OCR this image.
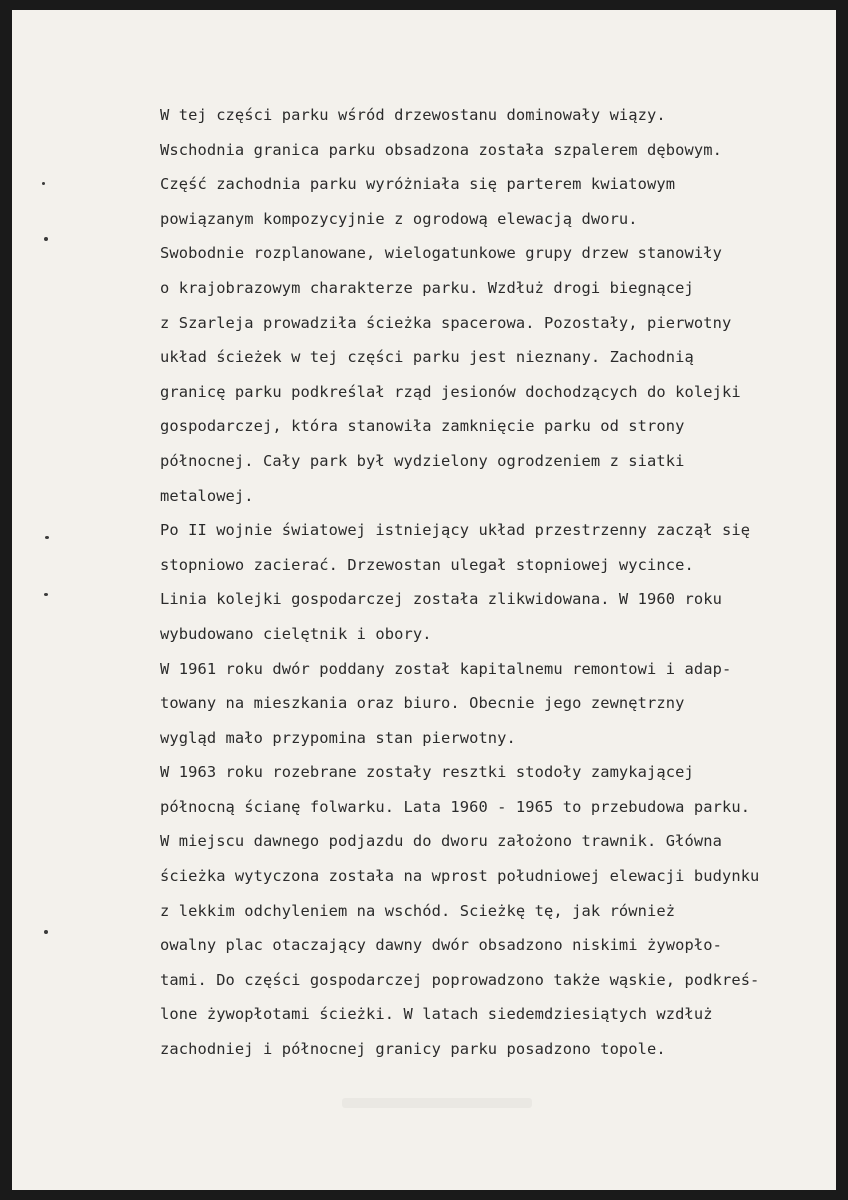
W tej części parku wśród drzewostanu dominowały wiązy.
Wschodnia granica parku obsadzona została szpalerem dębowym.
Część zachodnia parku wyróżniała się parterem kwiatowym
powiązanym kompozycyjnie z ogrodową elewacją dworu.
Swobodnie rozplanowane, wielogatunkowe grupy drzew stanowiły
o krajobrazowym charakterze parku. Wzdłuż drogi biegnącej
z Szarleja prowadziła ścieżka spacerowa. Pozostały, pierwotny
układ ścieżek w tej części parku jest nieznany. Zachodnią
granicę parku podkreślał rząd jesionów dochodzących do kolejki
gospodarczej, która stanowiła zamknięcie parku od strony
północnej. Cały park był wydzielony ogrodzeniem z siatki
metalowej.
Po II wojnie światowej istniejący układ przestrzenny zaczął się
stopniowo zacierać. Drzewostan ulegał stopniowej wycince.
Linia kolejki gospodarczej została zlikwidowana. W 1960 roku
wybudowano cielętnik i obory.
W 1961 roku dwór poddany został kapitalnemu remontowi i adap-
towany na mieszkania oraz biuro. Obecnie jego zewnętrzny
wygląd mało przypomina stan pierwotny.
W 1963 roku rozebrane zostały resztki stodoły zamykającej
północną ścianę folwarku. Lata 1960 - 1965 to przebudowa parku.
W miejscu dawnego podjazdu do dworu założono trawnik. Główna
ścieżka wytyczona została na wprost południowej elewacji budynku
z lekkim odchyleniem na wschód. Scieżkę tę, jak również
owalny plac otaczający dawny dwór obsadzono niskimi żywopło-
tami. Do części gospodarczej poprowadzono także wąskie, podkreś-
lone żywopłotami ścieżki. W latach siedemdziesiątych wzdłuż
zachodniej i północnej granicy parku posadzono topole.
